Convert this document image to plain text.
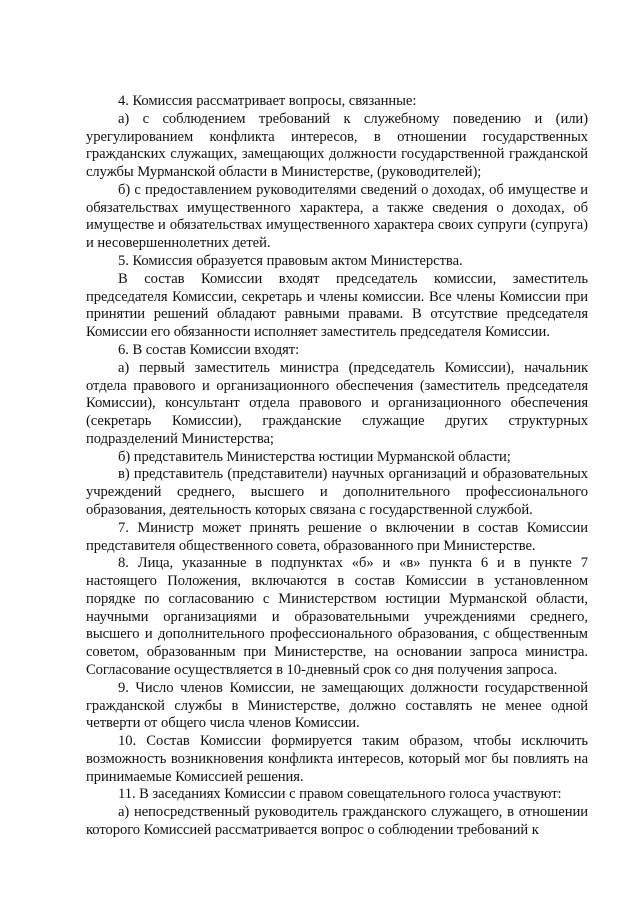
4. Комиссия рассматривает вопросы, связанные:

а) с соблюдением требований к служебному поведению и (или) урегулированием конфликта интересов, в отношении государственных гражданских служащих, замещающих должности государственной гражданской службы Мурманской области в Министерстве, (руководителей);

б) с предоставлением руководителями сведений о доходах, об имуществе и обязательствах имущественного характера, а также сведения о доходах, об имуществе и обязательствах имущественного характера своих супруги (супруга) и несовершеннолетних детей.

5. Комиссия образуется правовым актом Министерства.

В состав Комиссии входят председатель комиссии, заместитель председателя Комиссии, секретарь и члены комиссии. Все члены Комиссии при принятии решений обладают равными правами. В отсутствие председателя Комиссии его обязанности исполняет заместитель председателя Комиссии.

6. В состав Комиссии входят:

а) первый заместитель министра (председатель Комиссии), начальник отдела правового и организационного обеспечения (заместитель председателя Комиссии), консультант отдела правового и организационного обеспечения (секретарь Комиссии), гражданские служащие других структурных подразделений Министерства;

б) представитель Министерства юстиции Мурманской области;

в) представитель (представители) научных организаций и образовательных учреждений среднего, высшего и дополнительного профессионального образования, деятельность которых связана с государственной службой.

7. Министр может принять решение о включении в состав Комиссии представителя общественного совета, образованного при Министерстве.

8. Лица, указанные в подпунктах «б» и «в» пункта 6 и в пункте 7 настоящего Положения, включаются в состав Комиссии в установленном порядке по согласованию с Министерством юстиции Мурманской области, научными организациями и образовательными учреждениями среднего, высшего и дополнительного профессионального образования, с общественным советом, образованным при Министерстве, на основании запроса министра. Согласование осуществляется в 10-дневный срок со дня получения запроса.

9. Число членов Комиссии, не замещающих должности государственной гражданской службы в Министерстве, должно составлять не менее одной четверти от общего числа членов Комиссии.

10. Состав Комиссии формируется таким образом, чтобы исключить возможность возникновения конфликта интересов, который мог бы повлиять на принимаемые Комиссией решения.

11. В заседаниях Комиссии с правом совещательного голоса участвуют:

а) непосредственный руководитель гражданского служащего, в отношении которого Комиссией рассматривается вопрос о соблюдении требований к
